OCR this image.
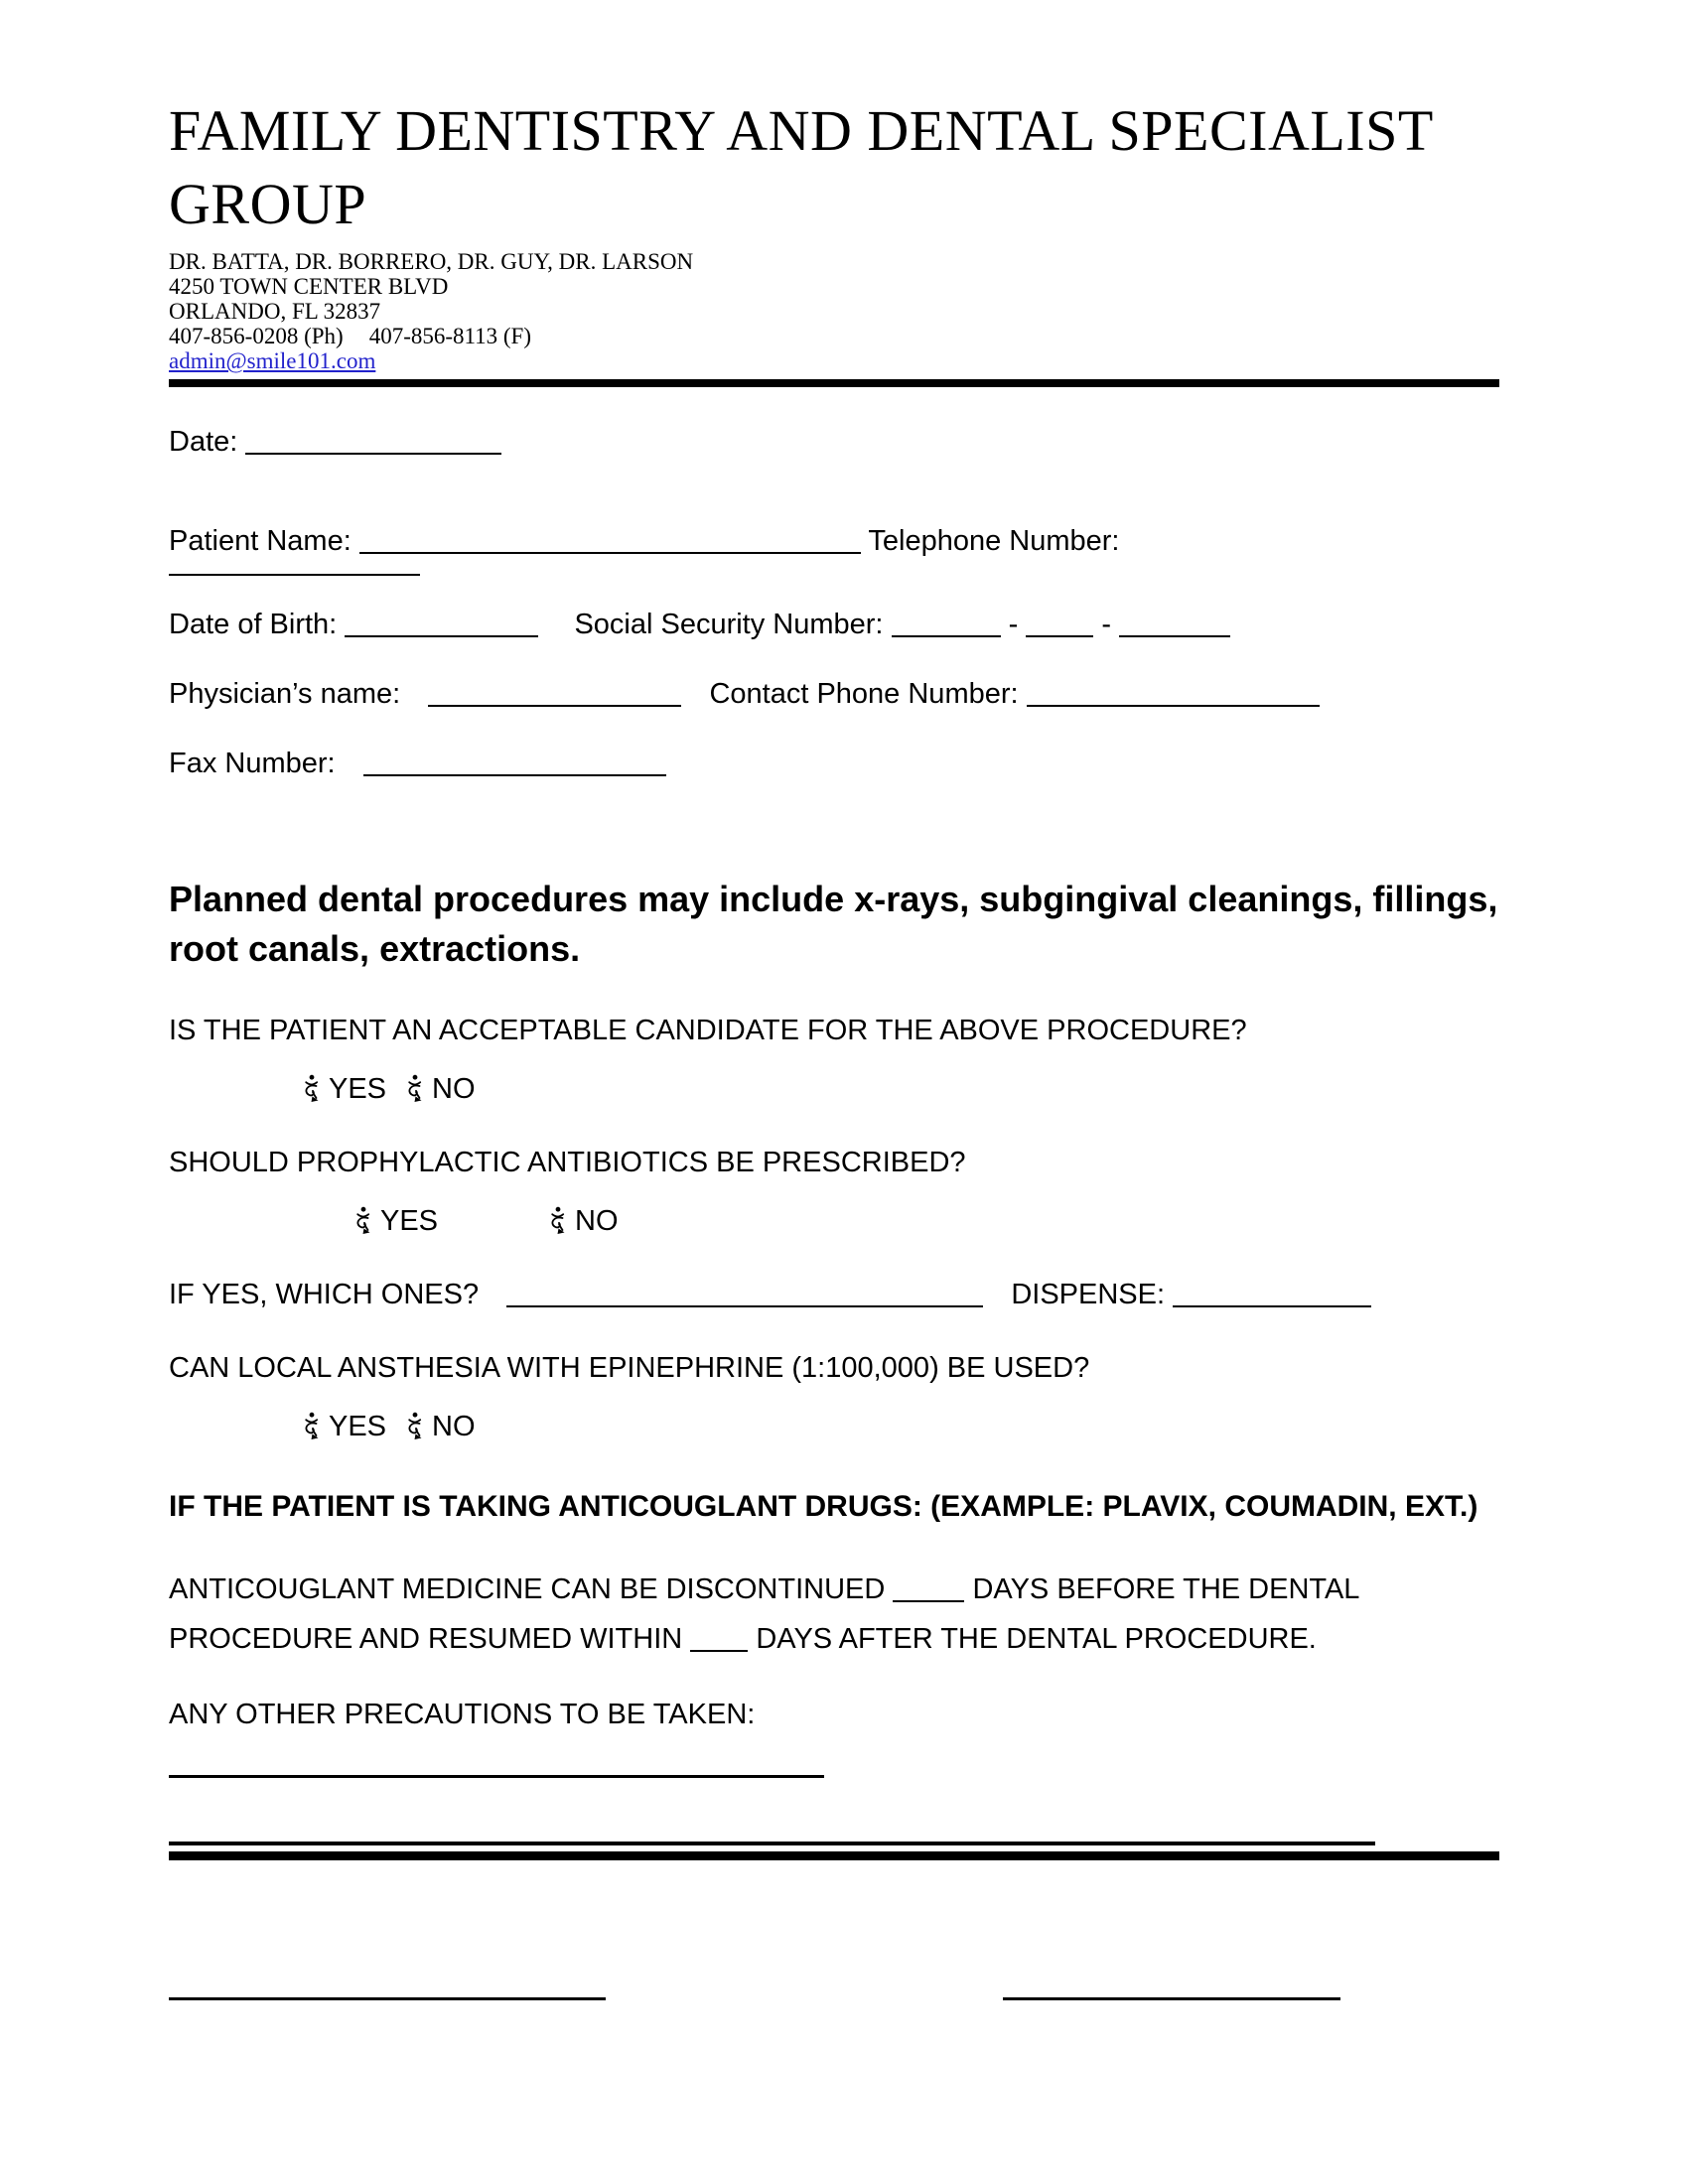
FAMILY DENTISTRY AND DENTAL SPECIALIST GROUP
DR. BATTA, DR. BORRERO, DR. GUY, DR. LARSON
4250 TOWN CENTER BLVD
ORLANDO, FL 32837
407-856-0208 (Ph) 407-856-8113 (F)
admin@smile101.com
Date:
Patient Name:	Telephone Number:
Date of Birth:	Social Security Number:	-	-
Physician’s name:	Contact Phone Number:
Fax Number:
Planned dental procedures may include x-rays, subgingival cleanings, fillings, root canals, extractions.
IS THE PATIENT AN ACCEPTABLE CANDIDATE FOR THE ABOVE PROCEDURE?
YES NO
SHOULD PROPHYLACTIC ANTIBIOTICS BE PRESCRIBED?
YES	NO
IF YES, WHICH ONES?	DISPENSE:
CAN LOCAL ANSTHESIA WITH EPINEPHRINE (1:100,000) BE USED?
YES NO
IF THE PATIENT IS TAKING ANTICOUGLANT DRUGS: (EXAMPLE: PLAVIX, COUMADIN, EXT.)
ANTICOUGLANT MEDICINE CAN BE DISCONTINUED	DAYS BEFORE THE DENTAL PROCEDURE AND RESUMED WITHIN	DAYS AFTER THE DENTAL PROCEDURE.
ANY OTHER PRECAUTIONS TO BE TAKEN:
